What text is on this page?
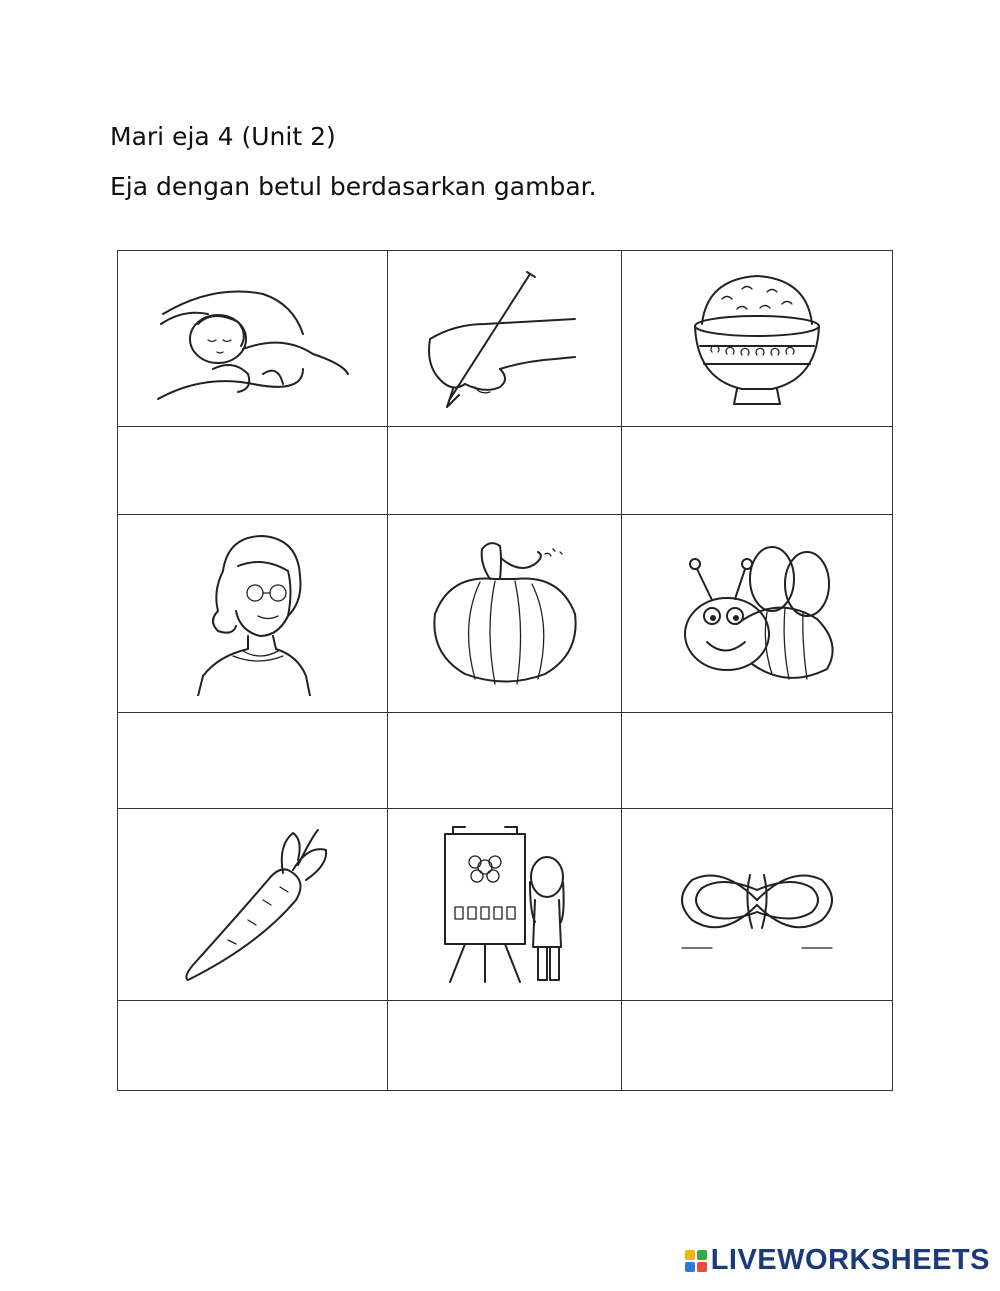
Mari eja 4 (Unit 2)
Eja dengan betul berdasarkan gambar.

LIVEWORKSHEETS
